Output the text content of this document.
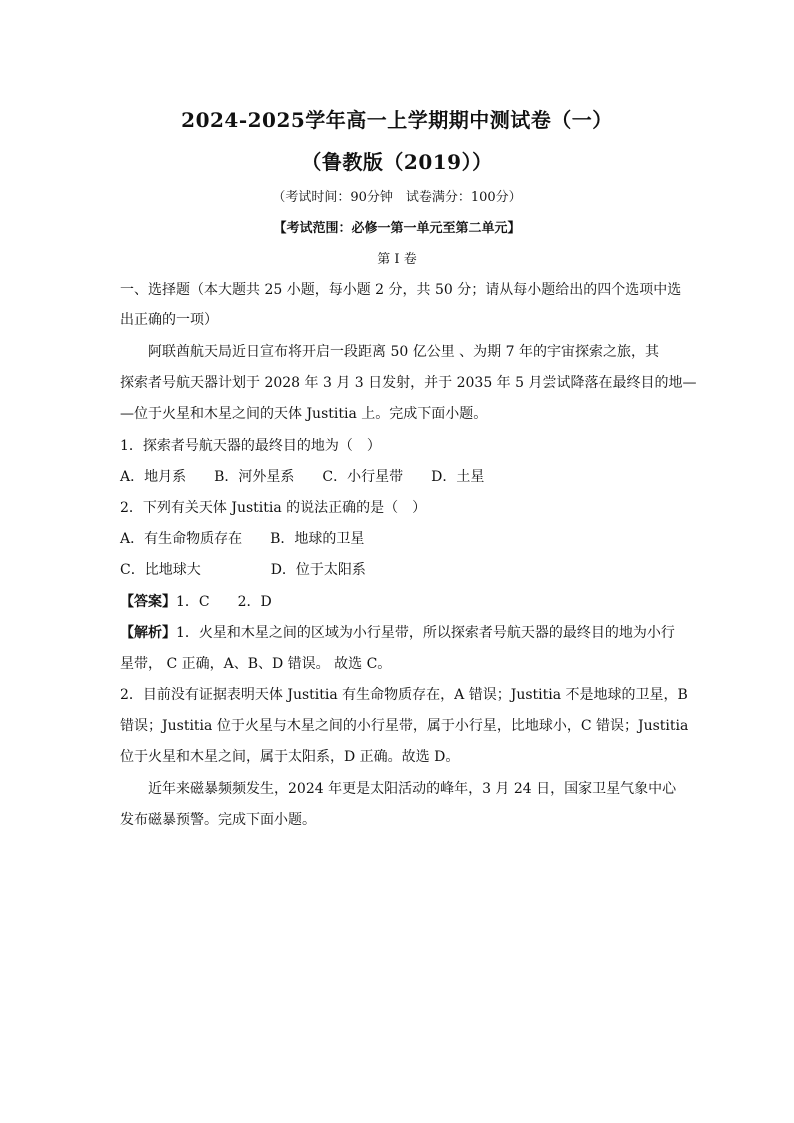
2024-2025学年高一上学期期中测试卷（一）
（鲁教版（2019））
（考试时间：90分钟　试卷满分：100分）
【考试范围：必修一第一单元至第二单元】
第 I 卷
一、选择题（本大题共 25 小题，每小题 2 分，共 50 分；请从每小题给出的四个选项中选
出正确的一项）
阿联酋航天局近日宣布将开启一段距离 50 亿公里 、为期 7 年的宇宙探索之旅，其
探索者号航天器计划于 2028 年 3 月 3 日发射，并于 2035 年 5 月尝试降落在最终目的地—
—位于火星和木星之间的天体 Justitia 上。完成下面小题。
1．探索者号航天器的最终目的地为（　）
A．地月系　　B．河外星系　　C．小行星带　　D．土星
2．下列有关天体 Justitia 的说法正确的是（　）
A．有生命物质存在　　B．地球的卫星
C．比地球大　　　　　D．位于太阳系
【答案】1．C　　2．D
【解析】1．火星和木星之间的区域为小行星带，所以探索者号航天器的最终目的地为小行
星带， C 正确，A、B、D 错误。 故选 C。
2．目前没有证据表明天体 Justitia 有生命物质存在，A 错误；Justitia 不是地球的卫星，B
错误；Justitia 位于火星与木星之间的小行星带，属于小行星，比地球小，C 错误；Justitia
位于火星和木星之间，属于太阳系，D 正确。故选 D。
近年来磁暴频频发生，2024 年更是太阳活动的峰年，3 月 24 日，国家卫星气象中心
发布磁暴预警。完成下面小题。
